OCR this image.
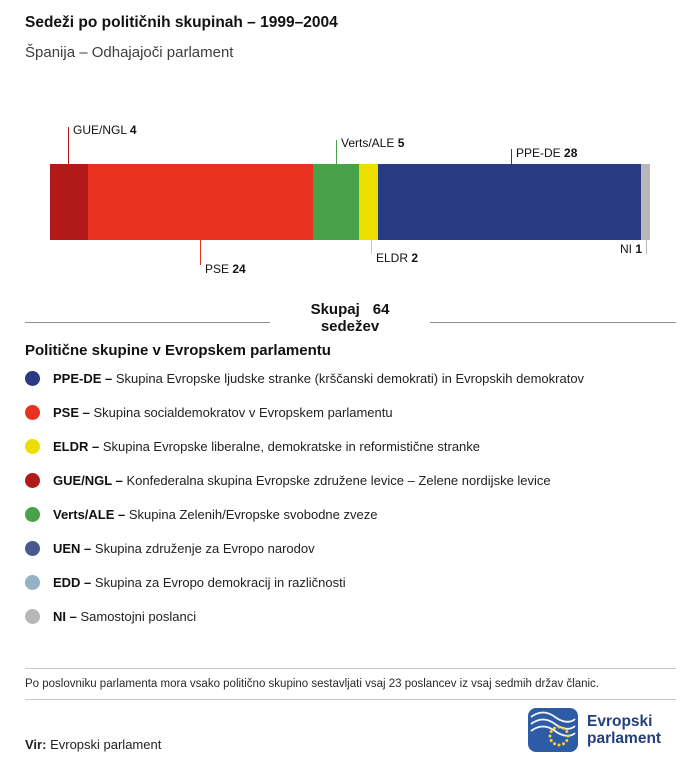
Sedeži po političnih skupinah – 1999–2004
Španija – Odhajajoči parlament
GUE/NGL 4
PSE 24
Verts/ALE 5
ELDR 2
PPE-DE 28
NI 1
Skupaj 64
sedežev
Politične skupine v Evropskem parlamentu
PPE-DE – Skupina Evropske ljudske stranke (krščanski demokrati) in Evropskih demokratov
PSE – Skupina socialdemokratov v Evropskem parlamentu
ELDR – Skupina Evropske liberalne, demokratske in reformistične stranke
GUE/NGL – Konfederalna skupina Evropske združene levice – Zelene nordijske levice
Verts/ALE – Skupina Zelenih/Evropske svobodne zveze
UEN – Skupina združenje za Evropo narodov
EDD – Skupina za Evropo demokracij in različnosti
NI – Samostojni poslanci
Po poslovniku parlamenta mora vsako politično skupino sestavljati vsaj 23 poslancev iz vsaj sedmih držav članic.
Vir: Evropski parlament
Evropski
parlament
